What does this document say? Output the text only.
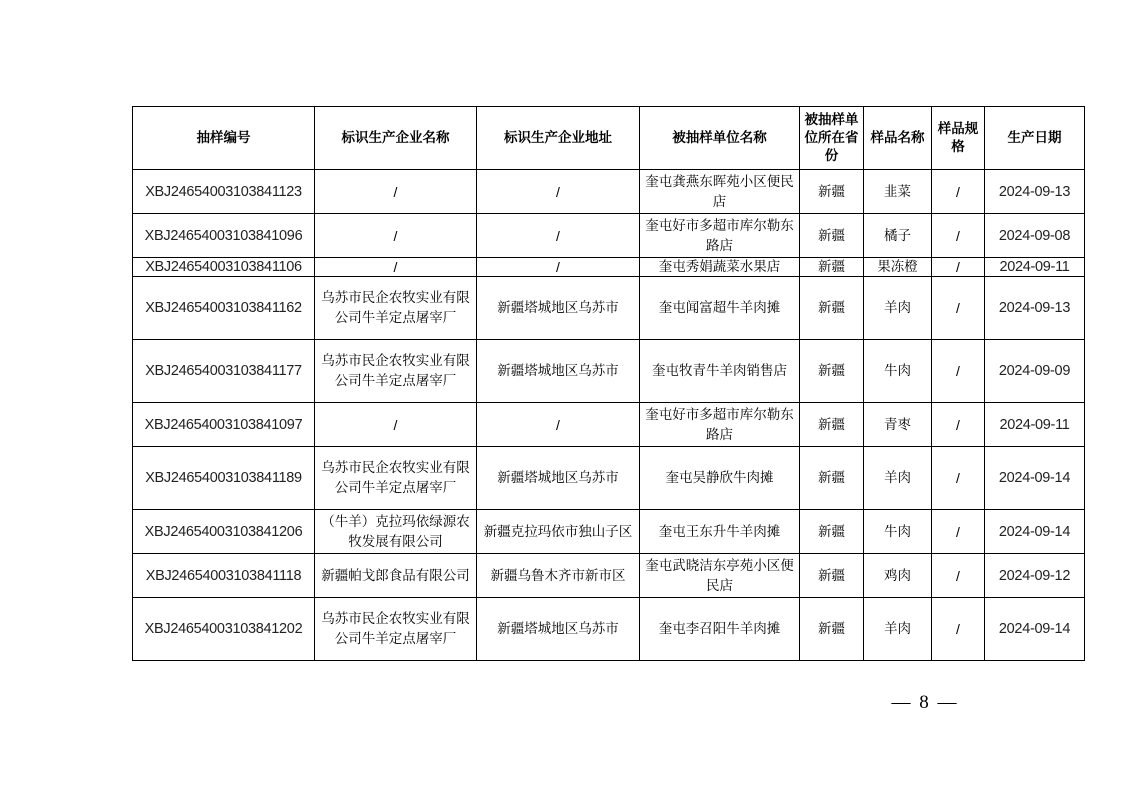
抽样编号	标识生产企业名称	标识生产企业地址	被抽样单位名称	被抽样单位所在省份	样品名称	样品规格	生产日期
XBJ24654003103841123	/	/	奎屯龚燕东晖苑小区便民店	新疆	韭菜	/	2024-09-13
XBJ24654003103841096	/	/	奎屯好市多超市库尔勒东路店	新疆	橘子	/	2024-09-08
XBJ24654003103841106	/	/	奎屯秀娟蔬菜水果店	新疆	果冻橙	/	2024-09-11
XBJ24654003103841162	乌苏市民企农牧实业有限公司牛羊定点屠宰厂	新疆塔城地区乌苏市	奎屯闻富超牛羊肉摊	新疆	羊肉	/	2024-09-13
XBJ24654003103841177	乌苏市民企农牧实业有限公司牛羊定点屠宰厂	新疆塔城地区乌苏市	奎屯牧青牛羊肉销售店	新疆	牛肉	/	2024-09-09
XBJ24654003103841097	/	/	奎屯好市多超市库尔勒东路店	新疆	青枣	/	2024-09-11
XBJ24654003103841189	乌苏市民企农牧实业有限公司牛羊定点屠宰厂	新疆塔城地区乌苏市	奎屯吴静欣牛肉摊	新疆	羊肉	/	2024-09-14
XBJ24654003103841206	（牛羊）克拉玛依绿源农牧发展有限公司	新疆克拉玛依市独山子区	奎屯王东升牛羊肉摊	新疆	牛肉	/	2024-09-14
XBJ24654003103841118	新疆帕戈郎食品有限公司	新疆乌鲁木齐市新市区	奎屯武晓洁东亭苑小区便民店	新疆	鸡肉	/	2024-09-12
XBJ24654003103841202	乌苏市民企农牧实业有限公司牛羊定点屠宰厂	新疆塔城地区乌苏市	奎屯李召阳牛羊肉摊	新疆	羊肉	/	2024-09-14
— 8 —
